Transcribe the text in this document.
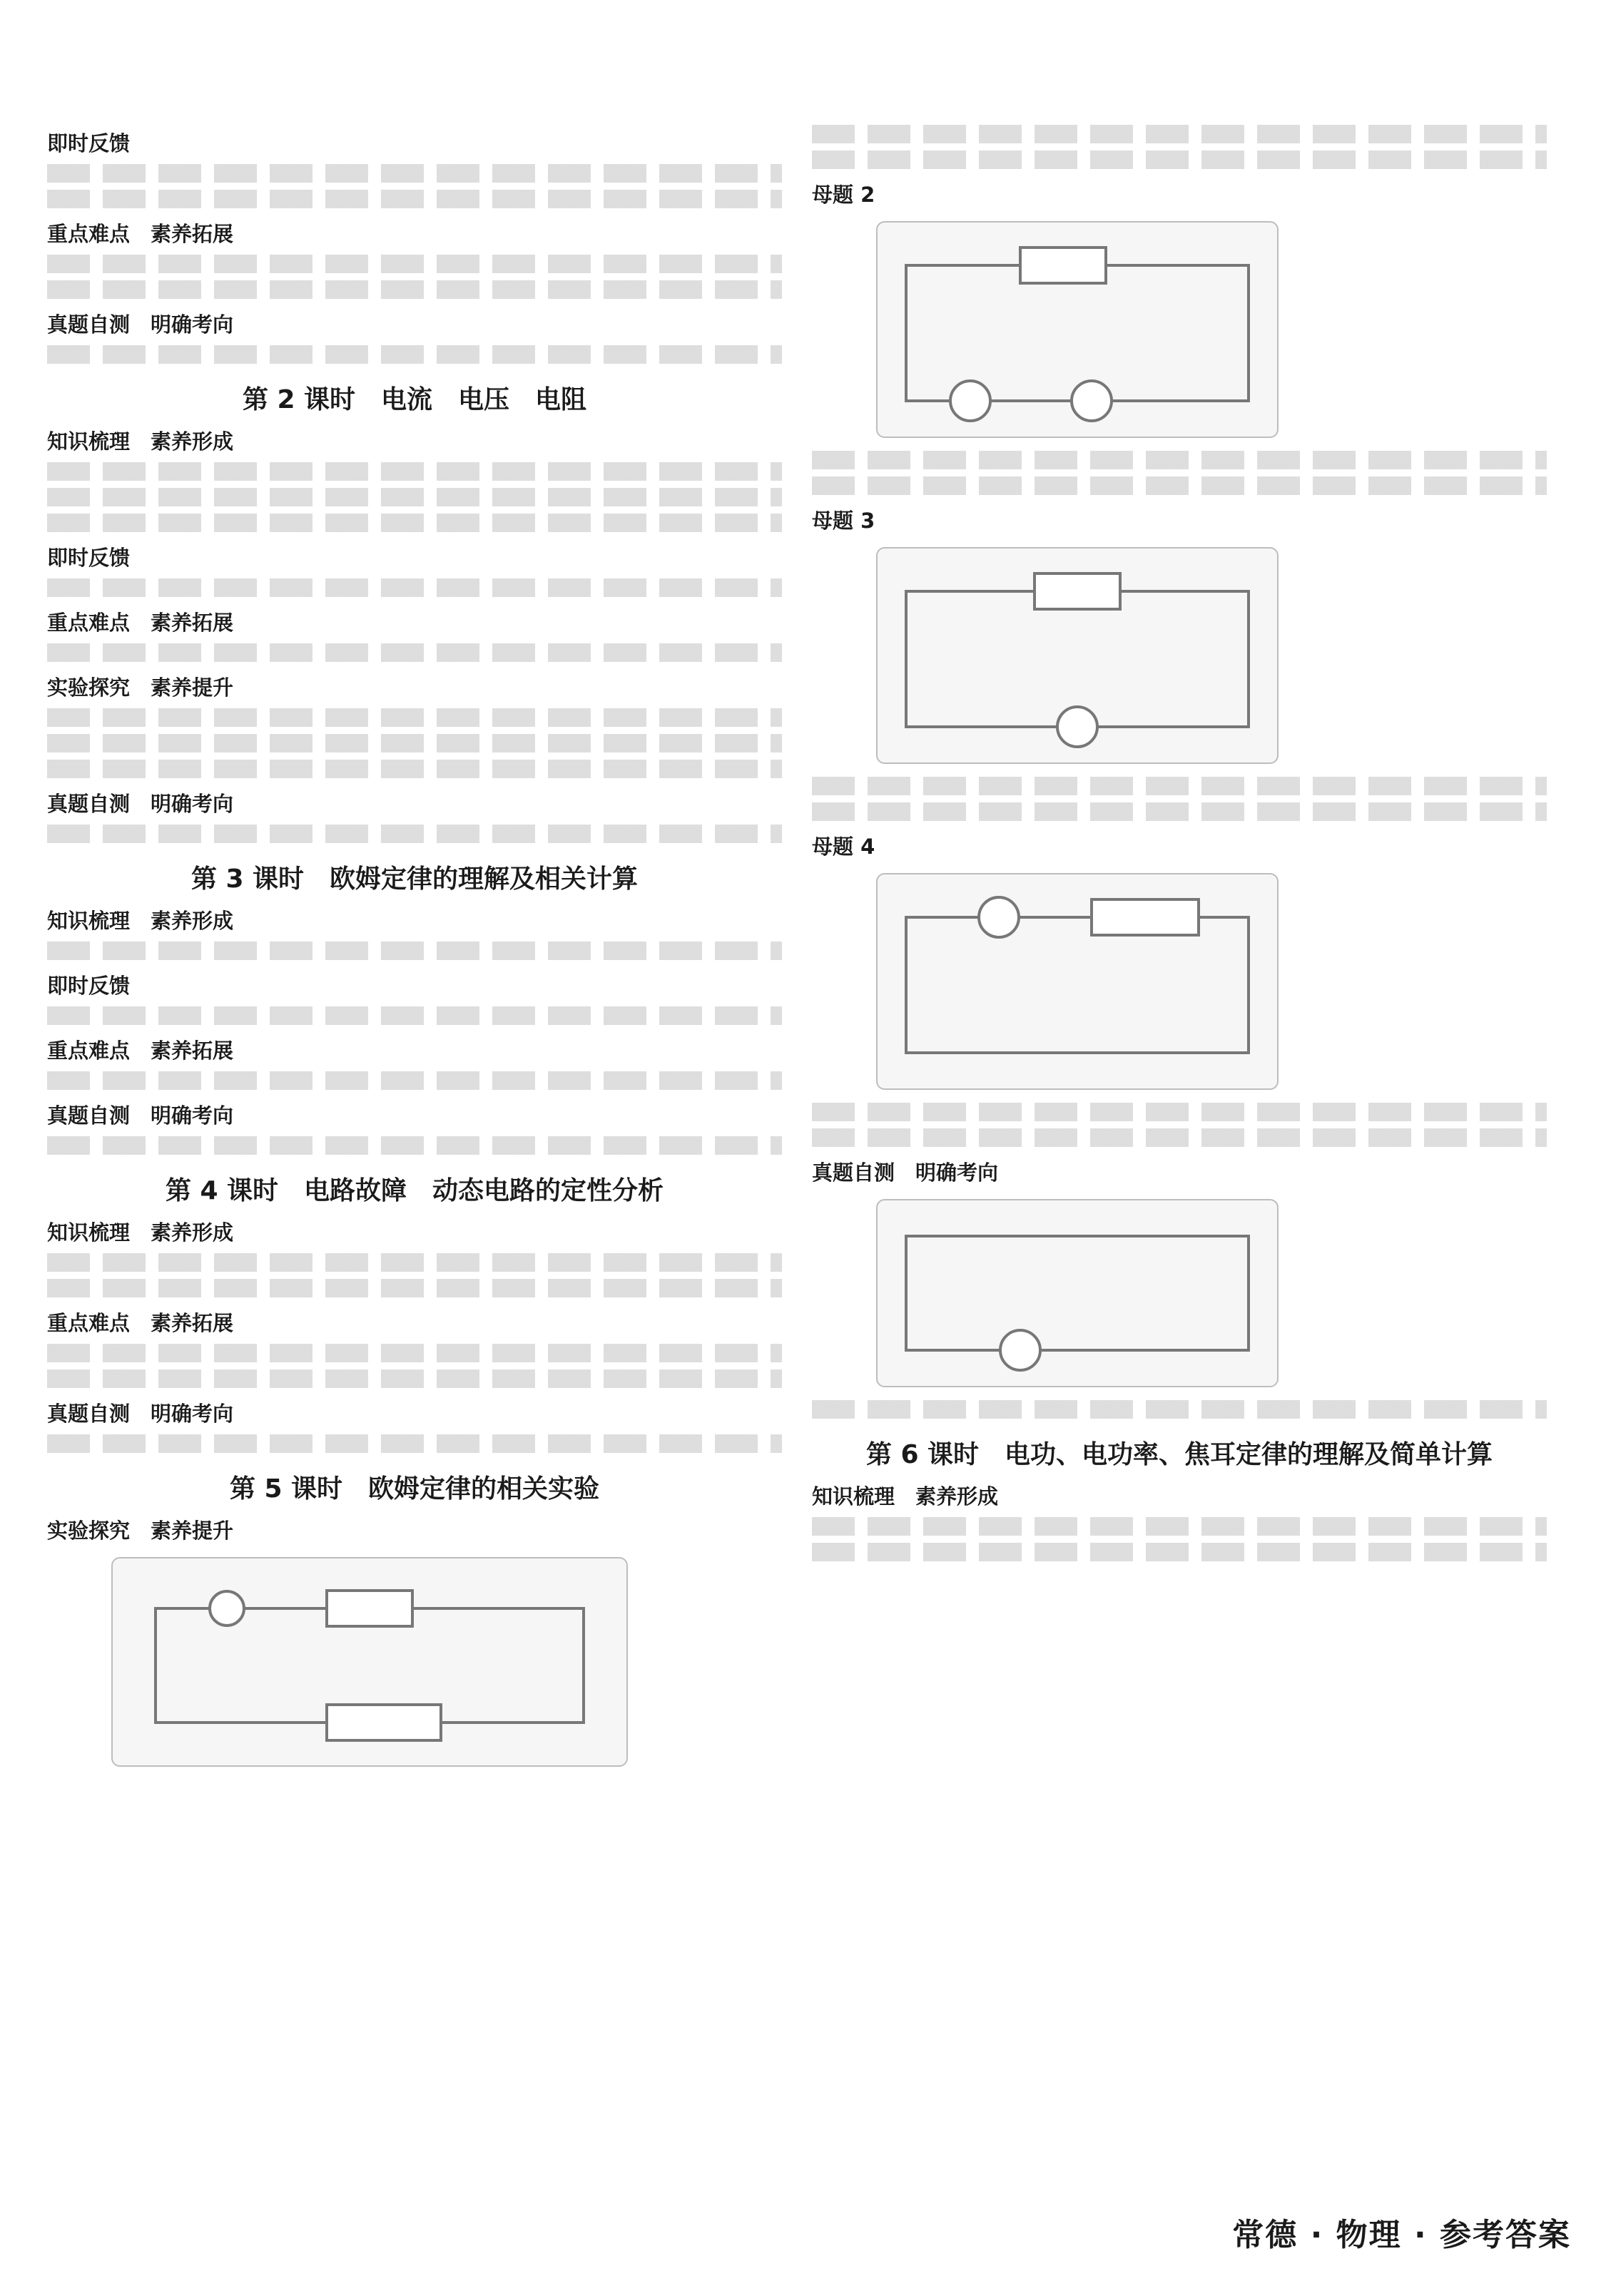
即时反馈
重点难点　素养拓展
真题自测　明确考向
第 2 课时　电流　电压　电阻
知识梳理　素养形成
即时反馈
重点难点　素养拓展
实验探究　素养提升
真题自测　明确考向
第 3 课时　欧姆定律的理解及相关计算
知识梳理　素养形成
即时反馈
重点难点　素养拓展
真题自测　明确考向
第 4 课时　电路故障　动态电路的定性分析
知识梳理　素养形成
重点难点　素养拓展
真题自测　明确考向
第 5 课时　欧姆定律的相关实验
实验探究　素养提升
母题 2
母题 3
母题 4
真题自测　明确考向
第 6 课时　电功、电功率、焦耳定律的理解及简单计算
知识梳理　素养形成
常德 · 物理 · 参考答案
